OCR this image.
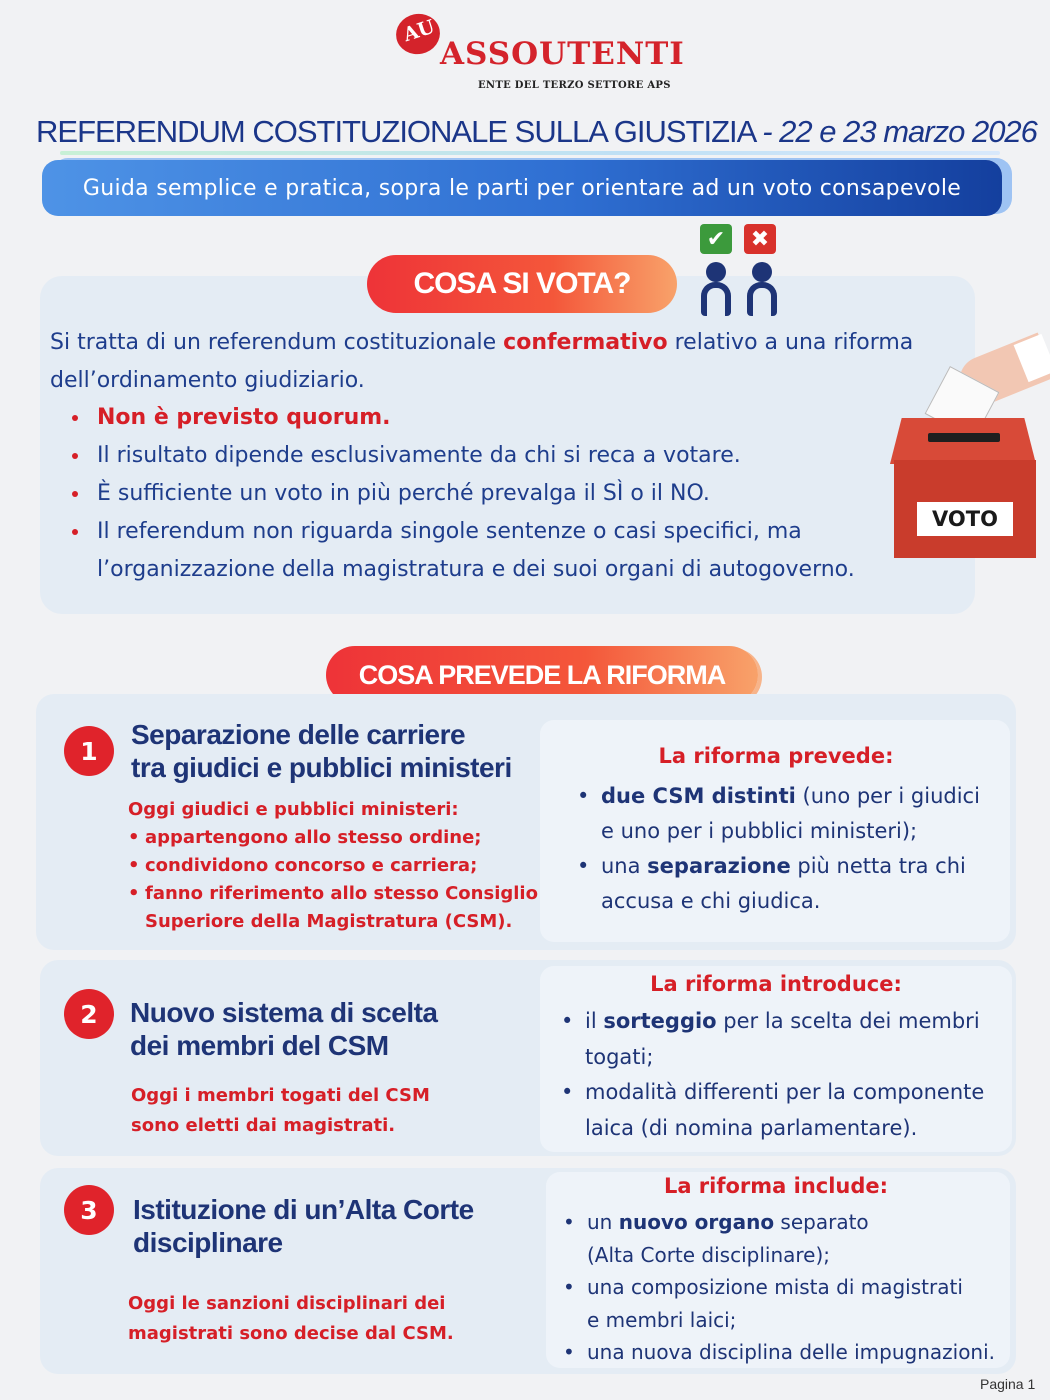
AU
ASSOUTENTI
ENTE DEL TERZO SETTORE APS
REFERENDUM COSTITUZIONALE SULLA GIUSTIZIA - 22 e 23 marzo 2026
Guida semplice e pratica, sopra le parti per orientare ad un voto consapevole
COSA SI VOTA?
✔	✖
Si tratta di un referendum costituzionale confermativo relativo a una riforma
dell’ordinamento giudiziario.
Non è previsto quorum.
Il risultato dipende esclusivamente da chi si reca a votare.
È sufficiente un voto in più perché prevalga il SÌ o il NO.
Il referendum non riguarda singole sentenze o casi specifici, ma
l’organizzazione della magistratura e dei suoi organi di autogoverno.
VOTO
COSA PREVEDE LA RIFORMA
1
Separazione delle carriere
tra giudici e pubblici ministeri
Oggi giudici e pubblici ministeri:
• appartengono allo stesso ordine;
• condividono concorso e carriera;
• fanno riferimento allo stesso Consiglio
Superiore della Magistratura (CSM).
La riforma prevede:
• due CSM distinti (uno per i giudici
e uno per i pubblici ministeri);
• una separazione più netta tra chi
accusa e chi giudica.
2	Nuovo sistema di scelta
dei membri del CSM
Oggi i membri togati del CSM
sono eletti dai magistrati.
La riforma introduce:
• il sorteggio per la scelta dei membri
togati;
• modalità differenti per la componente
laica (di nomina parlamentare).
3	Istituzione di un’Alta Corte
disciplinare
Oggi le sanzioni disciplinari dei
magistrati sono decise dal CSM.
La riforma include:
• un nuovo organo separato
(Alta Corte disciplinare);
• una composizione mista di magistrati
e membri laici;
• una nuova disciplina delle impugnazioni.
Pagina 1
